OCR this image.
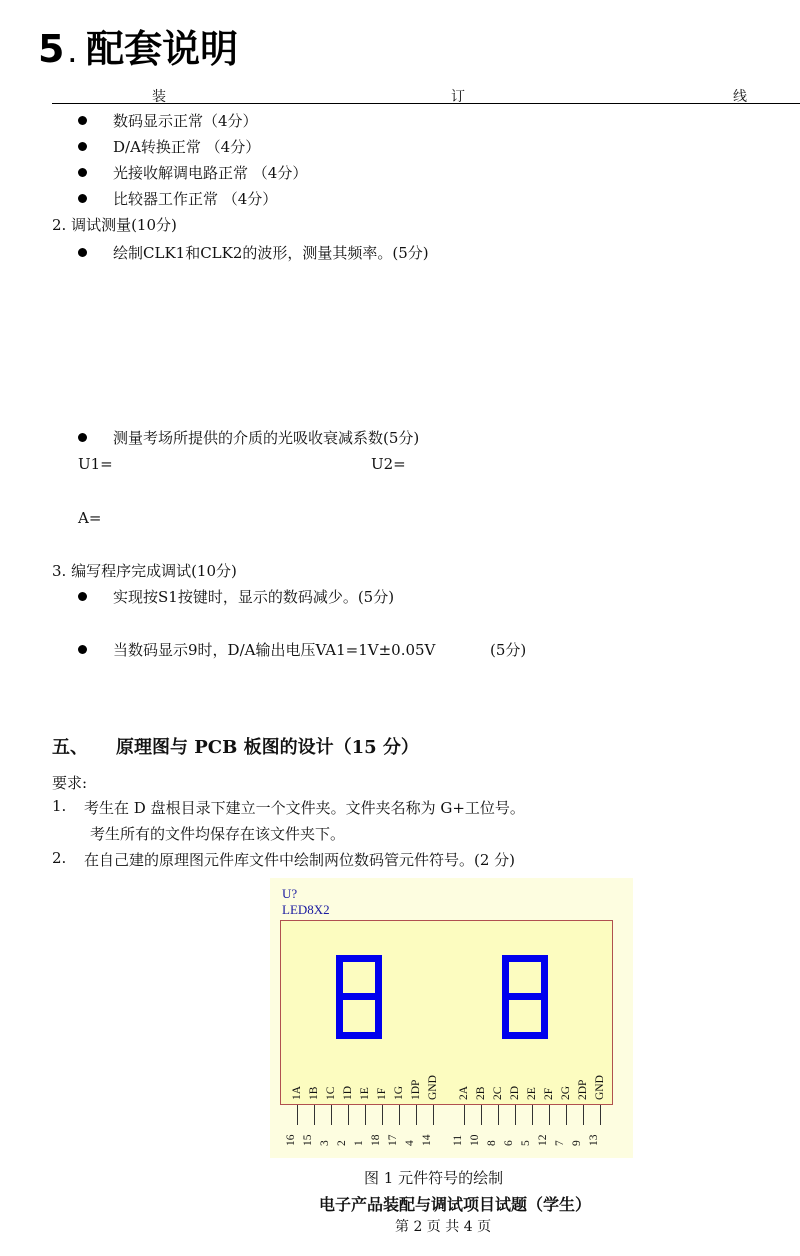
5 . 配套说明
装	订	线
数码显示正常（4分）
D/A转换正常 （4分）
光接收解调电路正常 （4分）
比较器工作正常 （4分）
2. 调试测量(10分)
绘制CLK1和CLK2的波形，测量其频率。(5分)
测量考场所提供的介质的光吸收衰减系数(5分)
U1=	U2=
A=
3. 编写程序完成调试(10分)
实现按S1按键时，显示的数码减少。(5分)
当数码显示9时，D/A输出电压VA1=1V±0.05V	(5分)
五、 原理图与 PCB 板图的设计（15 分）
要求:
1. 考生在 D 盘根目录下建立一个文件夹。文件夹名称为 G+工位号。
考生所有的文件均保存在该文件夹下。
2. 在自己建的原理图元件库文件中绘制两位数码管元件符号。(2 分)
U?
LED8X2
1A 1B 1C 1D 1E 1F 1G 1DP GND 2A 2B 2C 2D 2E 2F 2G 2DP GND
16 15 3 2 1 18 17 4 14 11 10 8 6 5 12 7 9 13
图 1 元件符号的绘制
电子产品装配与调试项目试题（学生）
第 2 页 共 4 页
